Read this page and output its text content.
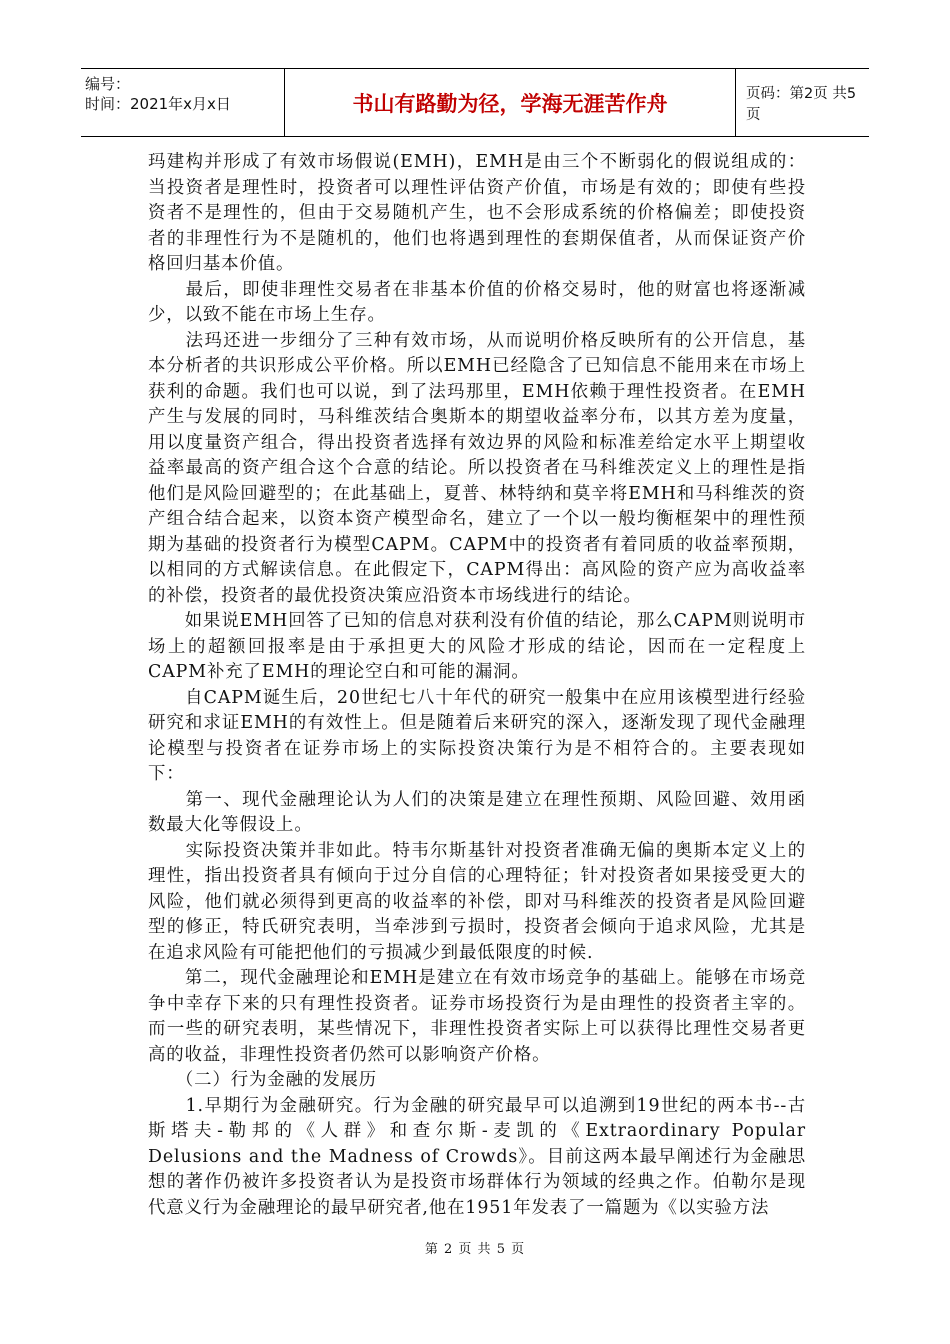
编号：
时间：2021年x月x日	书山有路勤为径，学海无涯苦作舟	页码：第2页 共5页

玛建构并形成了有效市场假说(EMH)，EMH是由三个不断弱化的假说组成的：当投资者是理性时，投资者可以理性评估资产价值，市场是有效的；即使有些投资者不是理性的，但由于交易随机产生，也不会形成系统的价格偏差；即使投资者的非理性行为不是随机的，他们也将遇到理性的套期保值者，从而保证资产价格回归基本价值。

　　最后，即使非理性交易者在非基本价值的价格交易时，他的财富也将逐渐减少，以致不能在市场上生存。

　　法玛还进一步细分了三种有效市场，从而说明价格反映所有的公开信息，基本分析者的共识形成公平价格。所以EMH已经隐含了已知信息不能用来在市场上获利的命题。我们也可以说，到了法玛那里，EMH依赖于理性投资者。在EMH 产生与发展的同时，马科维茨结合奥斯本的期望收益率分布，以其方差为度量，用以度量资产组合，得出投资者选择有效边界的风险和标准差给定水平上期望收益率最高的资产组合这个合意的结论。所以投资者在马科维茨定义上的理性是指他们是风险回避型的；在此基础上，夏普、林特纳和莫辛将EMH和马科维茨的资产组合结合起来，以资本资产模型命名，建立了一个以一般均衡框架中的理性预期为基础的投资者行为模型CAPM。CAPM中的投资者有着同质的收益率预期，以相同的方式解读信息。在此假定下，CAPM得出：高风险的资产应为高收益率的补偿，投资者的最优投资决策应沿资本市场线进行的结论。

　　如果说EMH回答了已知的信息对获利没有价值的结论，那么CAPM则说明市场上的超额回报率是由于承担更大的风险才形成的结论，因而在一定程度上CAPM补充了EMH的理论空白和可能的漏洞。

　　自CAPM诞生后，20世纪七八十年代的研究一般集中在应用该模型进行经验研究和求证EMH的有效性上。但是随着后来研究的深入，逐渐发现了现代金融理论模型与投资者在证券市场上的实际投资决策行为是不相符合的。主要表现如下：

　　第一、现代金融理论认为人们的决策是建立在理性预期、风险回避、效用函数最大化等假设上。

　　实际投资决策并非如此。特韦尔斯基针对投资者准确无偏的奥斯本定义上的理性，指出投资者具有倾向于过分自信的心理特征；针对投资者如果接受更大的风险，他们就必须得到更高的收益率的补偿，即对马科维茨的投资者是风险回避型的修正，特氏研究表明，当牵涉到亏损时，投资者会倾向于追求风险，尤其是在追求风险有可能把他们的亏损减少到最低限度的时候.

　　第二，现代金融理论和EMH是建立在有效市场竞争的基础上。能够在市场竞争中幸存下来的只有理性投资者。证券市场投资行为是由理性的投资者主宰的。而一些的研究表明，某些情况下，非理性投资者实际上可以获得比理性交易者更高的收益，非理性投资者仍然可以影响资产价格。

　　（二）行为金融的发展历

　　1.早期行为金融研究。行为金融的研究最早可以追溯到19世纪的两本书--古斯塔夫-勒邦的《人群》和查尔斯-麦凯的《Extraordinary Popular Delusions and the Madness of Crowds》。目前这两本最早阐述行为金融思想的著作仍被许多投资者认为是投资市场群体行为领域的经典之作。伯勒尔是现代意义行为金融理论的最早研究者,他在1951年发表了一篇题为《以实验方法

第 2 页 共 5 页
